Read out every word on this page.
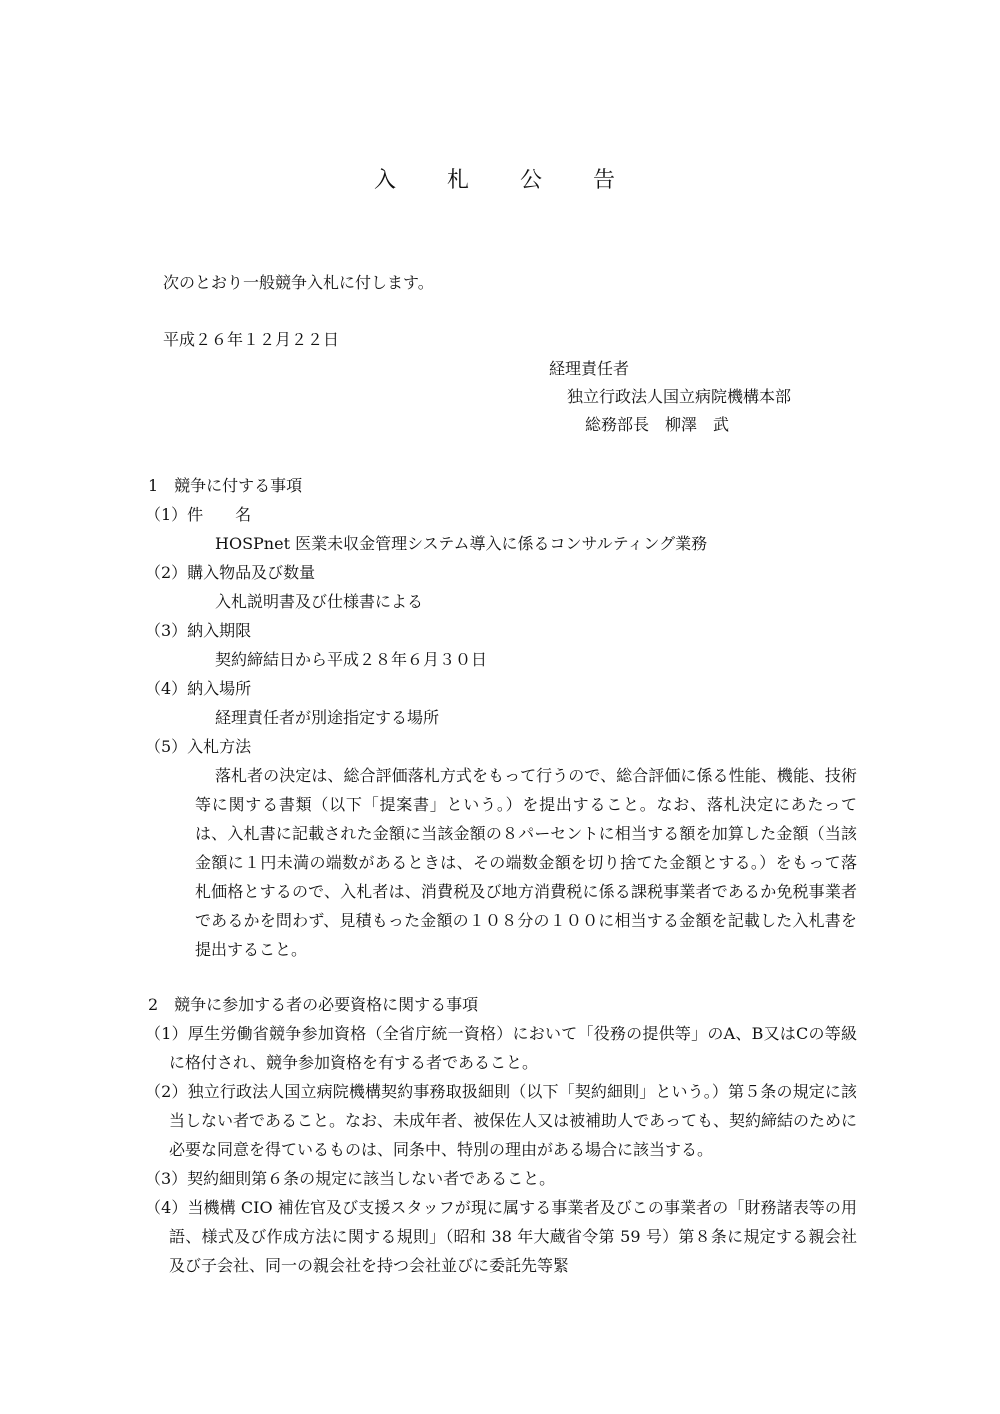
入 札 公 告
次のとおり一般競争入札に付します。
平成２６年１２月２２日
経理責任者
独立行政法人国立病院機構本部
総務部長　柳澤　武
1　競争に付する事項
（1）件　　名
HOSPnet 医業未収金管理システム導入に係るコンサルティング業務
（2）購入物品及び数量
入札説明書及び仕様書による
（3）納入期限
契約締結日から平成２８年６月３０日
（4）納入場所
経理責任者が別途指定する場所
（5）入札方法
落札者の決定は、総合評価落札方式をもって行うので、総合評価に係る性能、機能、技術等に関する書類（以下「提案書」という。）を提出すること。なお、落札決定にあたっては、入札書に記載された金額に当該金額の８パーセントに相当する額を加算した金額（当該金額に１円未満の端数があるときは、その端数金額を切り捨てた金額とする。）をもって落札価格とするので、入札者は、消費税及び地方消費税に係る課税事業者であるか免税事業者であるかを問わず、見積もった金額の１０８分の１００に相当する金額を記載した入札書を提出すること。
2　競争に参加する者の必要資格に関する事項
（1）厚生労働省競争参加資格（全省庁統一資格）において「役務の提供等」のA、B又はCの等級に格付され、競争参加資格を有する者であること。
（2）独立行政法人国立病院機構契約事務取扱細則（以下「契約細則」という。）第５条の規定に該当しない者であること。なお、未成年者、被保佐人又は被補助人であっても、契約締結のために必要な同意を得ているものは、同条中、特別の理由がある場合に該当する。
（3）契約細則第６条の規定に該当しない者であること。
（4）当機構 CIO 補佐官及び支援スタッフが現に属する事業者及びこの事業者の「財務諸表等の用語、様式及び作成方法に関する規則」（昭和 38 年大蔵省令第 59 号）第８条に規定する親会社及び子会社、同一の親会社を持つ会社並びに委託先等緊
